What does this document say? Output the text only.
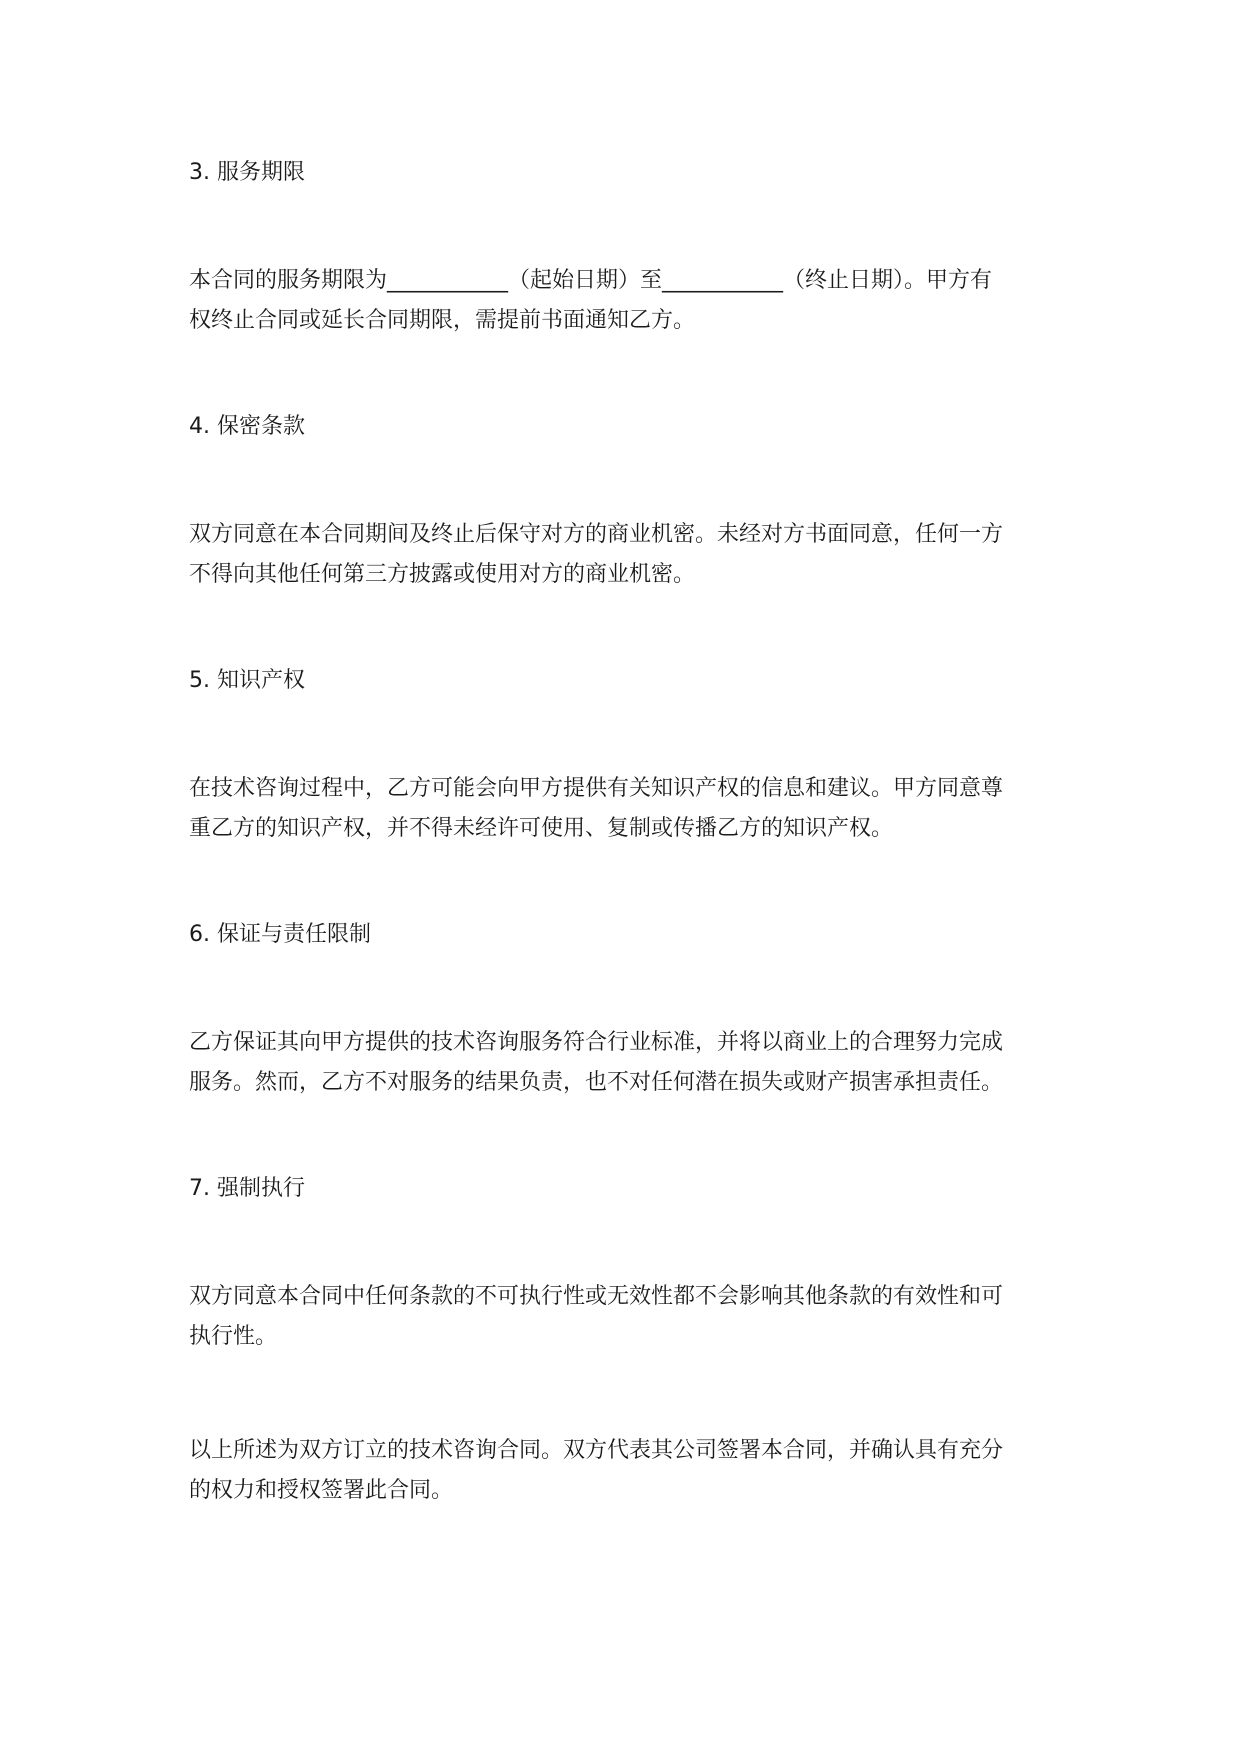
3. 服务期限
本合同的服务期限为___________（起始日期）至___________（终止日期）。甲方有
权终止合同或延长合同期限，需提前书面通知乙方。
4. 保密条款
双方同意在本合同期间及终止后保守对方的商业机密。未经对方书面同意，任何一方
不得向其他任何第三方披露或使用对方的商业机密。
5. 知识产权
在技术咨询过程中，乙方可能会向甲方提供有关知识产权的信息和建议。甲方同意尊
重乙方的知识产权，并不得未经许可使用、复制或传播乙方的知识产权。
6. 保证与责任限制
乙方保证其向甲方提供的技术咨询服务符合行业标准，并将以商业上的合理努力完成
服务。然而，乙方不对服务的结果负责，也不对任何潜在损失或财产损害承担责任。
7. 强制执行
双方同意本合同中任何条款的不可执行性或无效性都不会影响其他条款的有效性和可
执行性。
以上所述为双方订立的技术咨询合同。双方代表其公司签署本合同，并确认具有充分
的权力和授权签署此合同。
